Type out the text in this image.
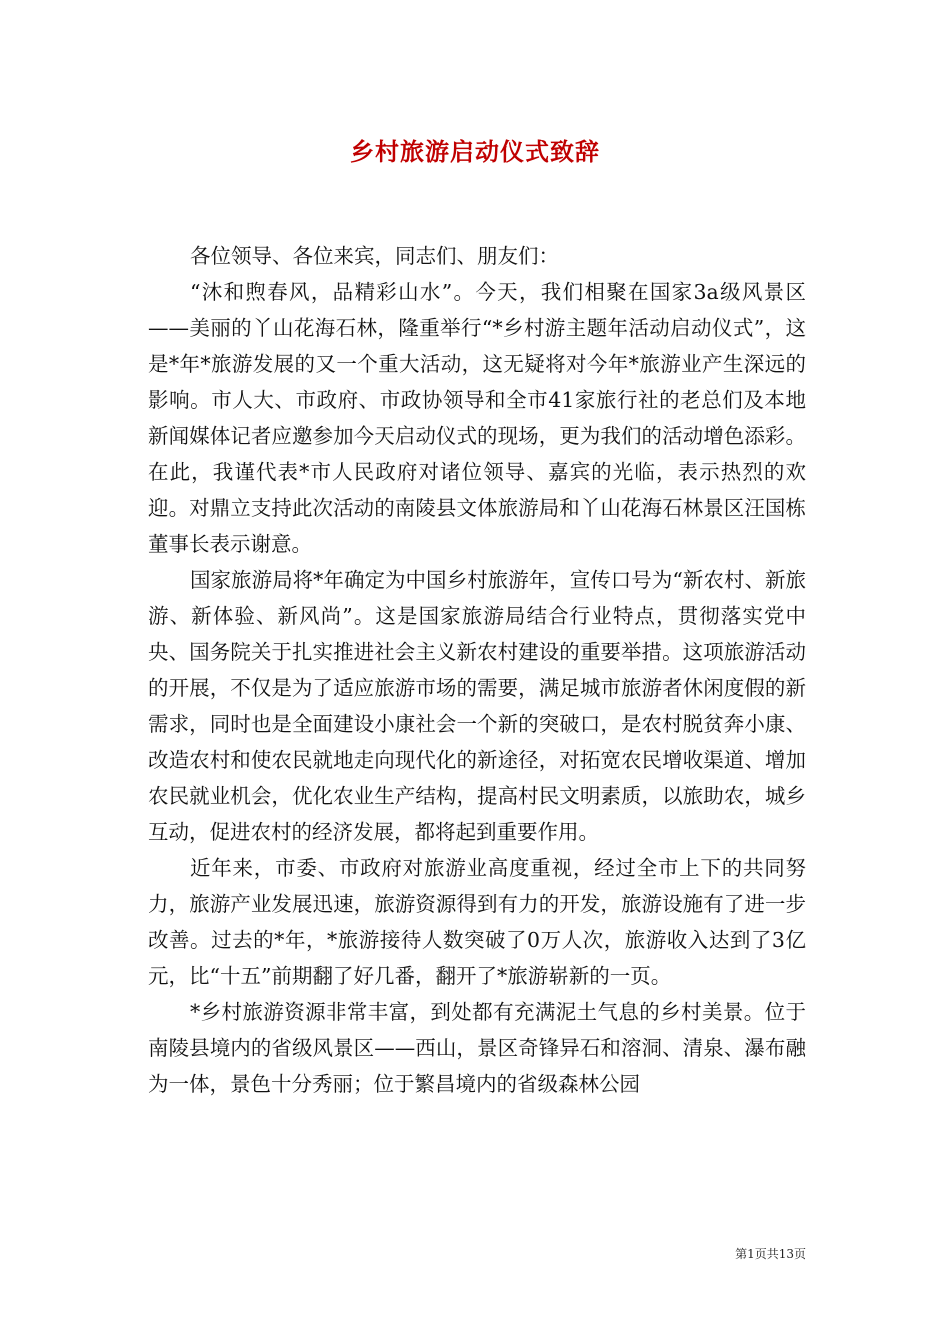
乡村旅游启动仪式致辞

各位领导、各位来宾，同志们、朋友们：

“沐和煦春风，品精彩山水”。今天，我们相聚在国家3a级风景区——美丽的丫山花海石林，隆重举行“*乡村游主题年活动启动仪式”，这是*年*旅游发展的又一个重大活动，这无疑将对今年*旅游业产生深远的影响。市人大、市政府、市政协领导和全市41家旅行社的老总们及本地新闻媒体记者应邀参加今天启动仪式的现场，更为我们的活动增色添彩。在此，我谨代表*市人民政府对诸位领导、嘉宾的光临，表示热烈的欢迎。对鼎立支持此次活动的南陵县文体旅游局和丫山花海石林景区汪国栋董事长表示谢意。

国家旅游局将*年确定为中国乡村旅游年，宣传口号为“新农村、新旅游、新体验、新风尚”。这是国家旅游局结合行业特点，贯彻落实党中央、国务院关于扎实推进社会主义新农村建设的重要举措。这项旅游活动的开展，不仅是为了适应旅游市场的需要，满足城市旅游者休闲度假的新需求，同时也是全面建设小康社会一个新的突破口，是农村脱贫奔小康、改造农村和使农民就地走向现代化的新途径，对拓宽农民增收渠道、增加农民就业机会，优化农业生产结构，提高村民文明素质，以旅助农，城乡互动，促进农村的经济发展，都将起到重要作用。

近年来，市委、市政府对旅游业高度重视，经过全市上下的共同努力，旅游产业发展迅速，旅游资源得到有力的开发，旅游设施有了进一步改善。过去的*年，*旅游接待人数突破了0万人次，旅游收入达到了3亿元，比“十五”前期翻了好几番，翻开了*旅游崭新的一页。

*乡村旅游资源非常丰富，到处都有充满泥土气息的乡村美景。位于南陵县境内的省级风景区——西山，景区奇锋异石和溶洞、清泉、瀑布融为一体，景色十分秀丽；位于繁昌境内的省级森林公园

第1页共13页
